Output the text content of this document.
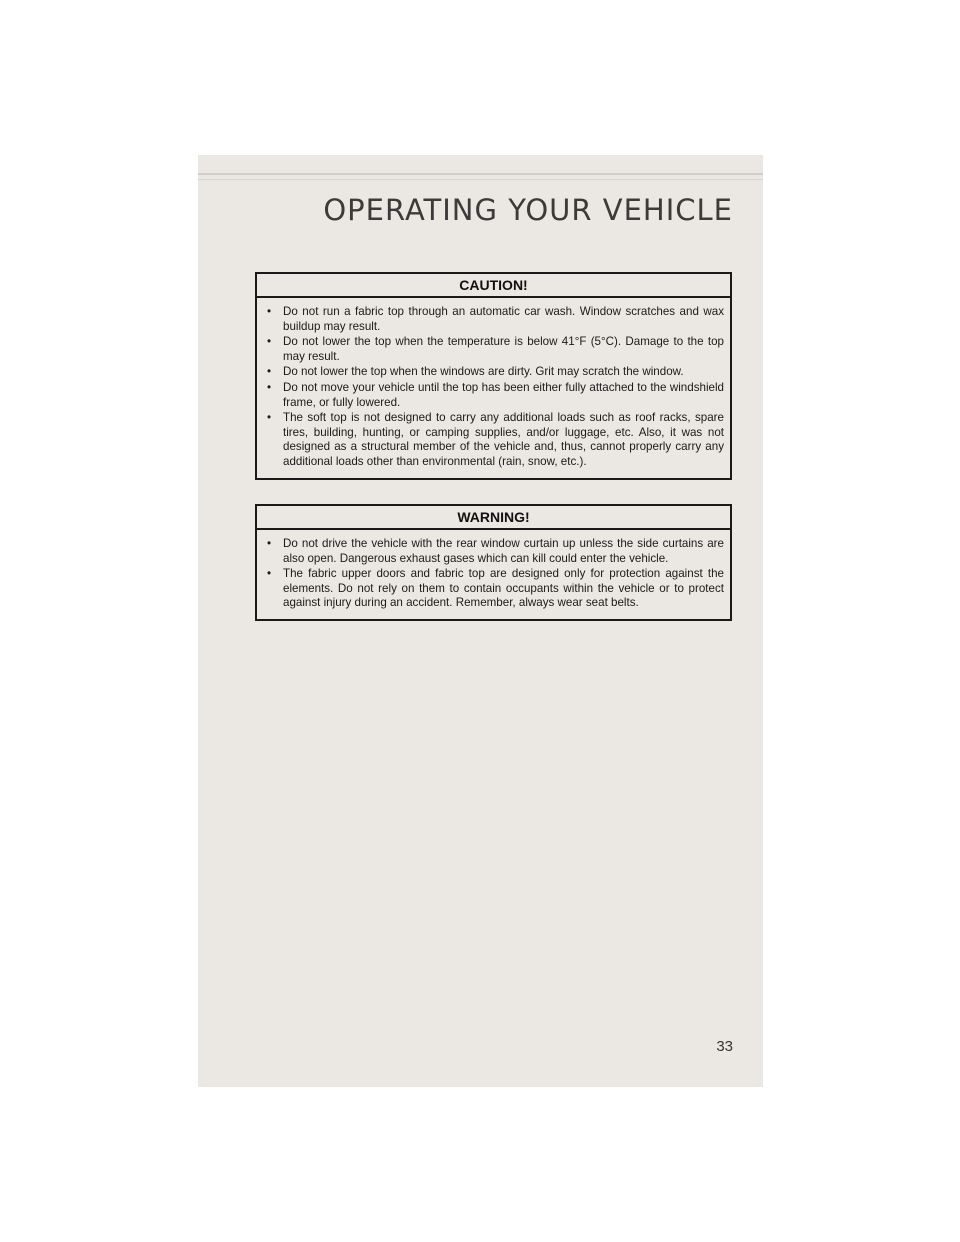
OPERATING YOUR VEHICLE
CAUTION!
• Do not run a fabric top through an automatic car wash. Window scratches and wax buildup may result.
• Do not lower the top when the temperature is below 41°F (5°C). Damage to the top may result.
• Do not lower the top when the windows are dirty. Grit may scratch the window.
• Do not move your vehicle until the top has been either fully attached to the windshield frame, or fully lowered.
• The soft top is not designed to carry any additional loads such as roof racks, spare tires, building, hunting, or camping supplies, and/or luggage, etc. Also, it was not designed as a structural member of the vehicle and, thus, cannot properly carry any additional loads other than environmental (rain, snow, etc.).
WARNING!
• Do not drive the vehicle with the rear window curtain up unless the side curtains are also open. Dangerous exhaust gases which can kill could enter the vehicle.
• The fabric upper doors and fabric top are designed only for protection against the elements. Do not rely on them to contain occupants within the vehicle or to protect against injury during an accident. Remember, always wear seat belts.
33
